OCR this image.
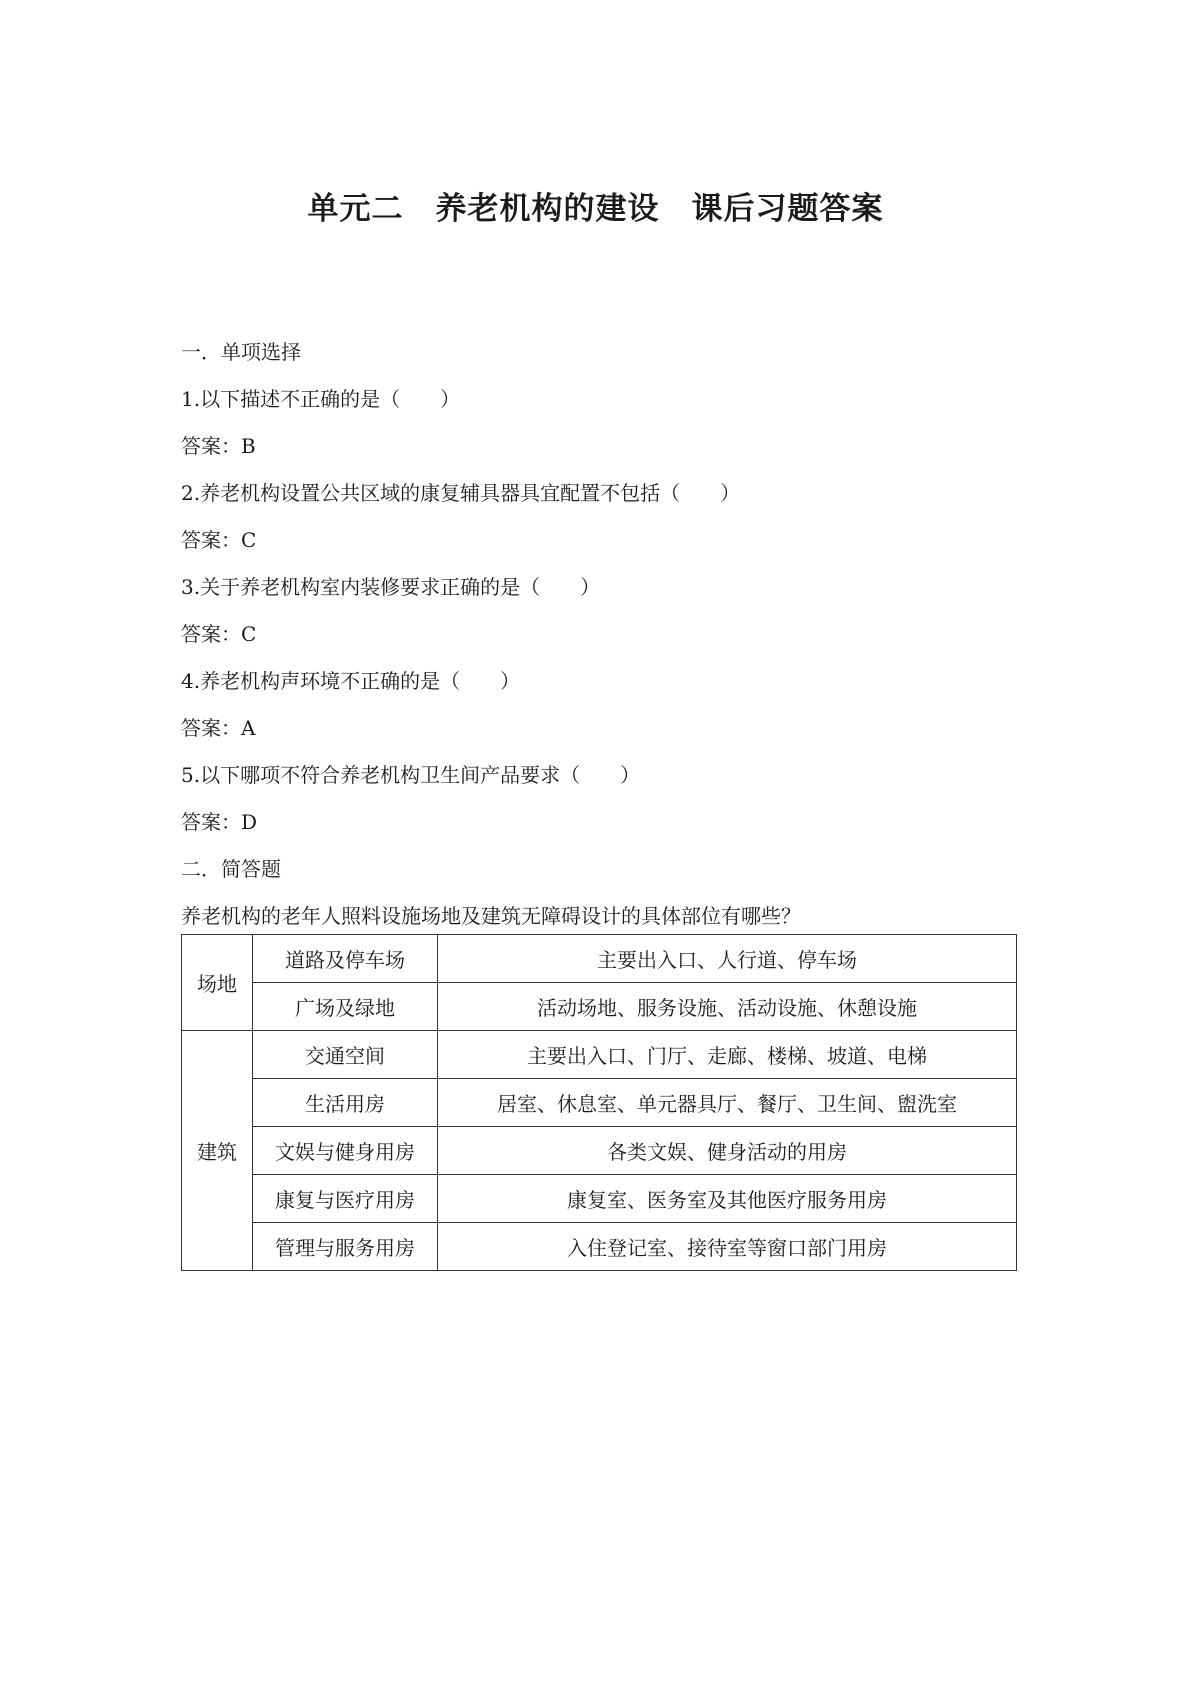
单元二　养老机构的建设　课后习题答案

一．单项选择

1.以下描述不正确的是（　　）

答案：B

2.养老机构设置公共区域的康复辅具器具宜配置不包括（　　）

答案：C

3.关于养老机构室内装修要求正确的是（　　）

答案：C

4.养老机构声环境不正确的是（　　）

答案：A

5.以下哪项不符合养老机构卫生间产品要求（　　）

答案：D

二．简答题

养老机构的老年人照料设施场地及建筑无障碍设计的具体部位有哪些？

场地	道路及停车场	主要出入口、人行道、停车场
	广场及绿地	活动场地、服务设施、活动设施、休憩设施
建筑	交通空间	主要出入口、门厅、走廊、楼梯、坡道、电梯
	生活用房	居室、休息室、单元器具厅、餐厅、卫生间、盥洗室
	文娱与健身用房	各类文娱、健身活动的用房
	康复与医疗用房	康复室、医务室及其他医疗服务用房
	管理与服务用房	入住登记室、接待室等窗口部门用房
